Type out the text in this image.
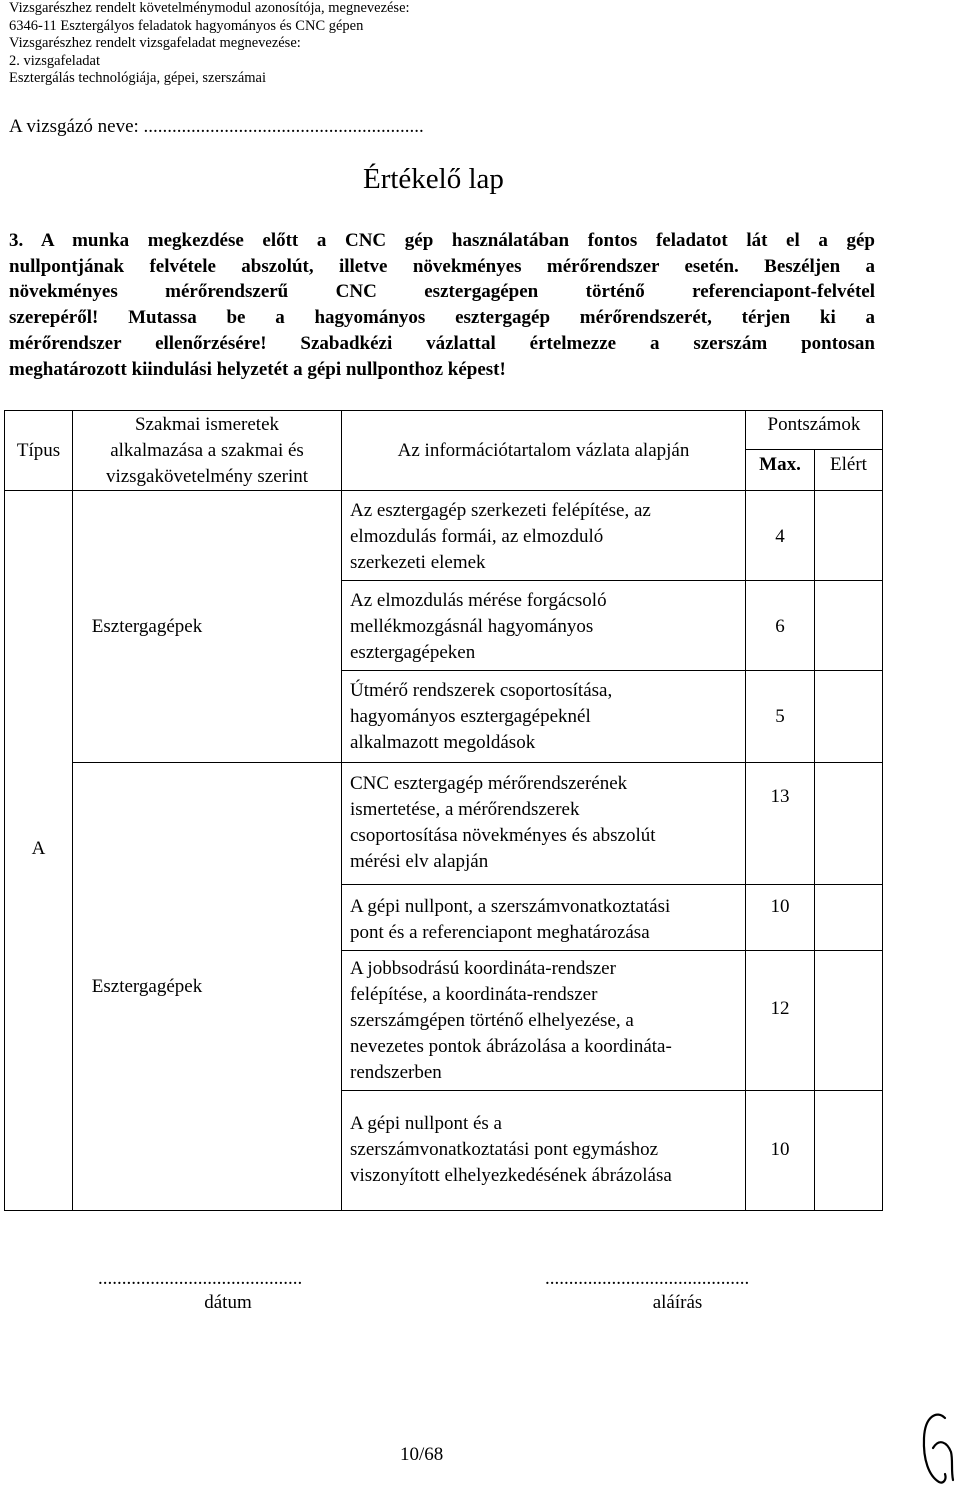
Vizsgarészhez rendelt követelménymodul azonosítója, megnevezése:
6346-11 Esztergályos feladatok hagyományos és CNC gépen
Vizsgarészhez rendelt vizsgafeladat megnevezése:
2. vizsgafeladat
Esztergálás technológiája, gépei, szerszámai
A vizsgázó neve: ...........................................................
Értékelő lap
3. A munka megkezdése előtt a CNC gép használatában fontos feladatot lát el a gép
nullpontjának felvétele abszolút, illetve növekményes mérőrendszer esetén. Beszéljen a
növekményes mérőrendszerű CNC esztergagépen történő referenciapont-felvétel
szerepéről! Mutassa be a hagyományos esztergagép mérőrendszerét, térjen ki a
mérőrendszer ellenőrzésére! Szabadkézi vázlattal értelmezze a szerszám pontosan
meghatározott kiindulási helyzetét a gépi nullponthoz képest!
Típus
Szakmai ismeretek
alkalmazása a szakmai és
vizsgakövetelmény szerint
Az információtartalom vázlata alapján
Pontszámok
Max.	Elért
A
Esztergagépek
Esztergagépek
Az esztergagép szerkezeti felépítése, az
elmozdulás formái, az elmozduló
szerkezeti elemek
4
Az elmozdulás mérése forgácsoló
mellékmozgásnál hagyományos
esztergagépeken
6
Útmérő rendszerek csoportosítása,
hagyományos esztergagépeknél
alkalmazott megoldások
5
CNC esztergagép mérőrendszerének
ismertetése, a mérőrendszerek
csoportosítása növekményes és abszolút
mérési elv alapján
13
A gépi nullpont, a szerszámvonatkoztatási
pont és a referenciapont meghatározása
10
A jobbsodrású koordináta-rendszer
felépítése, a koordináta-rendszer
szerszámgépen történő elhelyezése, a
nevezetes pontok ábrázolása a koordináta-
rendszerben
12
A gépi nullpont és a
szerszámvonatkoztatási pont egymáshoz
viszonyított elhelyezkedésének ábrázolása
10
...........................................
dátum
...........................................
aláírás
10/68
